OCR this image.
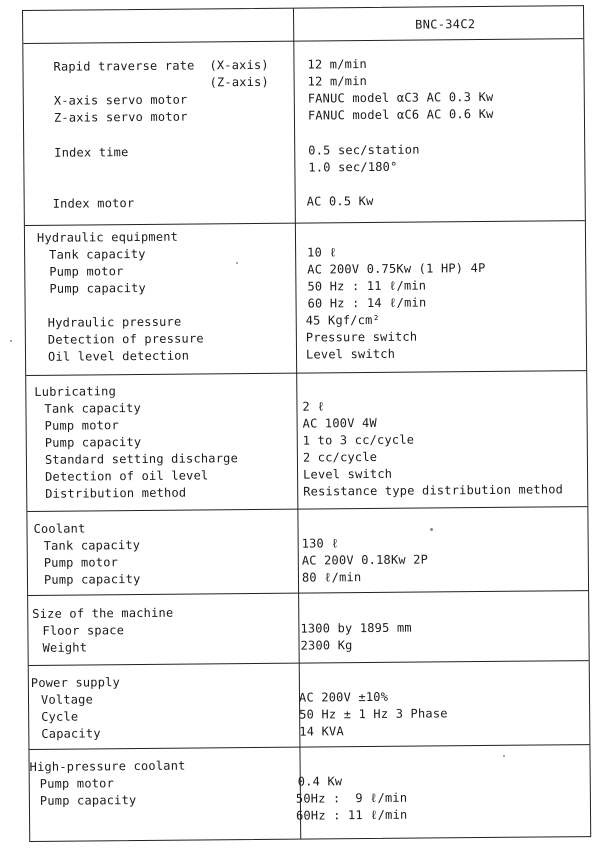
BNC-34C2
Rapid traverse rate  (X-axis)	12 m/min
(Z-axis)	12 m/min
X-axis servo motor	FANUC model αC3 AC 0.3 Kw
Z-axis servo motor	FANUC model αC6 AC 0.6 Kw
Index time	0.5 sec/station
1.0 sec/180°
Index motor	AC 0.5 Kw
Hydraulic equipment
Tank capacity	10 ℓ
Pump motor	AC 200V 0.75Kw (1 HP) 4P
Pump capacity	50 Hz : 11 ℓ/min
60 Hz : 14 ℓ/min
Hydraulic pressure	45 Kgf/cm²
Detection of pressure	Pressure switch
Oil level detection	Level switch
Lubricating
Tank capacity	2 ℓ
Pump motor	AC 100V 4W
Pump capacity	1 to 3 cc/cycle
Standard setting discharge	2 cc/cycle
Detection of oil level	Level switch
Distribution method	Resistance type distribution method
Coolant
Tank capacity	130 ℓ
Pump motor	AC 200V 0.18Kw 2P
Pump capacity	80 ℓ/min
Size of the machine
Floor space	1300 by 1895 mm
Weight	2300 Kg
Power supply
Voltage	AC 200V ±10%
Cycle	50 Hz ± 1 Hz 3 Phase
Capacity	14 KVA
High-pressure coolant
Pump motor	0.4 Kw
Pump capacity	50Hz :  9 ℓ/min
60Hz : 11 ℓ/min
